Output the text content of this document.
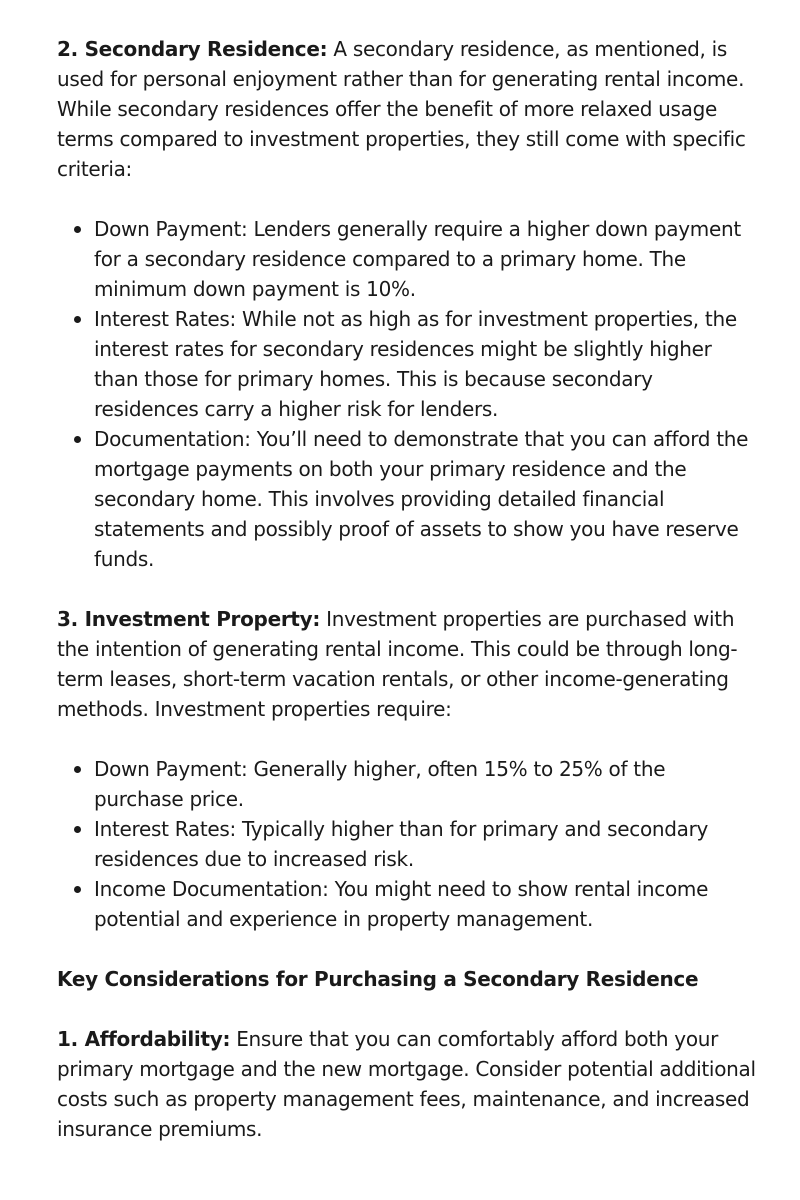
2. Secondary Residence: A secondary residence, as mentioned, is used for personal enjoyment rather than for generating rental income. While secondary residences offer the benefit of more relaxed usage terms compared to investment properties, they still come with specific criteria:

Down Payment: Lenders generally require a higher down payment for a secondary residence compared to a primary home. The minimum down payment is 10%.
Interest Rates: While not as high as for investment properties, the interest rates for secondary residences might be slightly higher than those for primary homes. This is because secondary residences carry a higher risk for lenders.
Documentation: You’ll need to demonstrate that you can afford the mortgage payments on both your primary residence and the secondary home. This involves providing detailed financial statements and possibly proof of assets to show you have reserve funds.

3. Investment Property: Investment properties are purchased with the intention of generating rental income. This could be through long-term leases, short-term vacation rentals, or other income-generating methods. Investment properties require:

Down Payment: Generally higher, often 15% to 25% of the purchase price.
Interest Rates: Typically higher than for primary and secondary residences due to increased risk.
Income Documentation: You might need to show rental income potential and experience in property management.

Key Considerations for Purchasing a Secondary Residence

1. Affordability: Ensure that you can comfortably afford both your primary mortgage and the new mortgage. Consider potential additional costs such as property management fees, maintenance, and increased insurance premiums.
